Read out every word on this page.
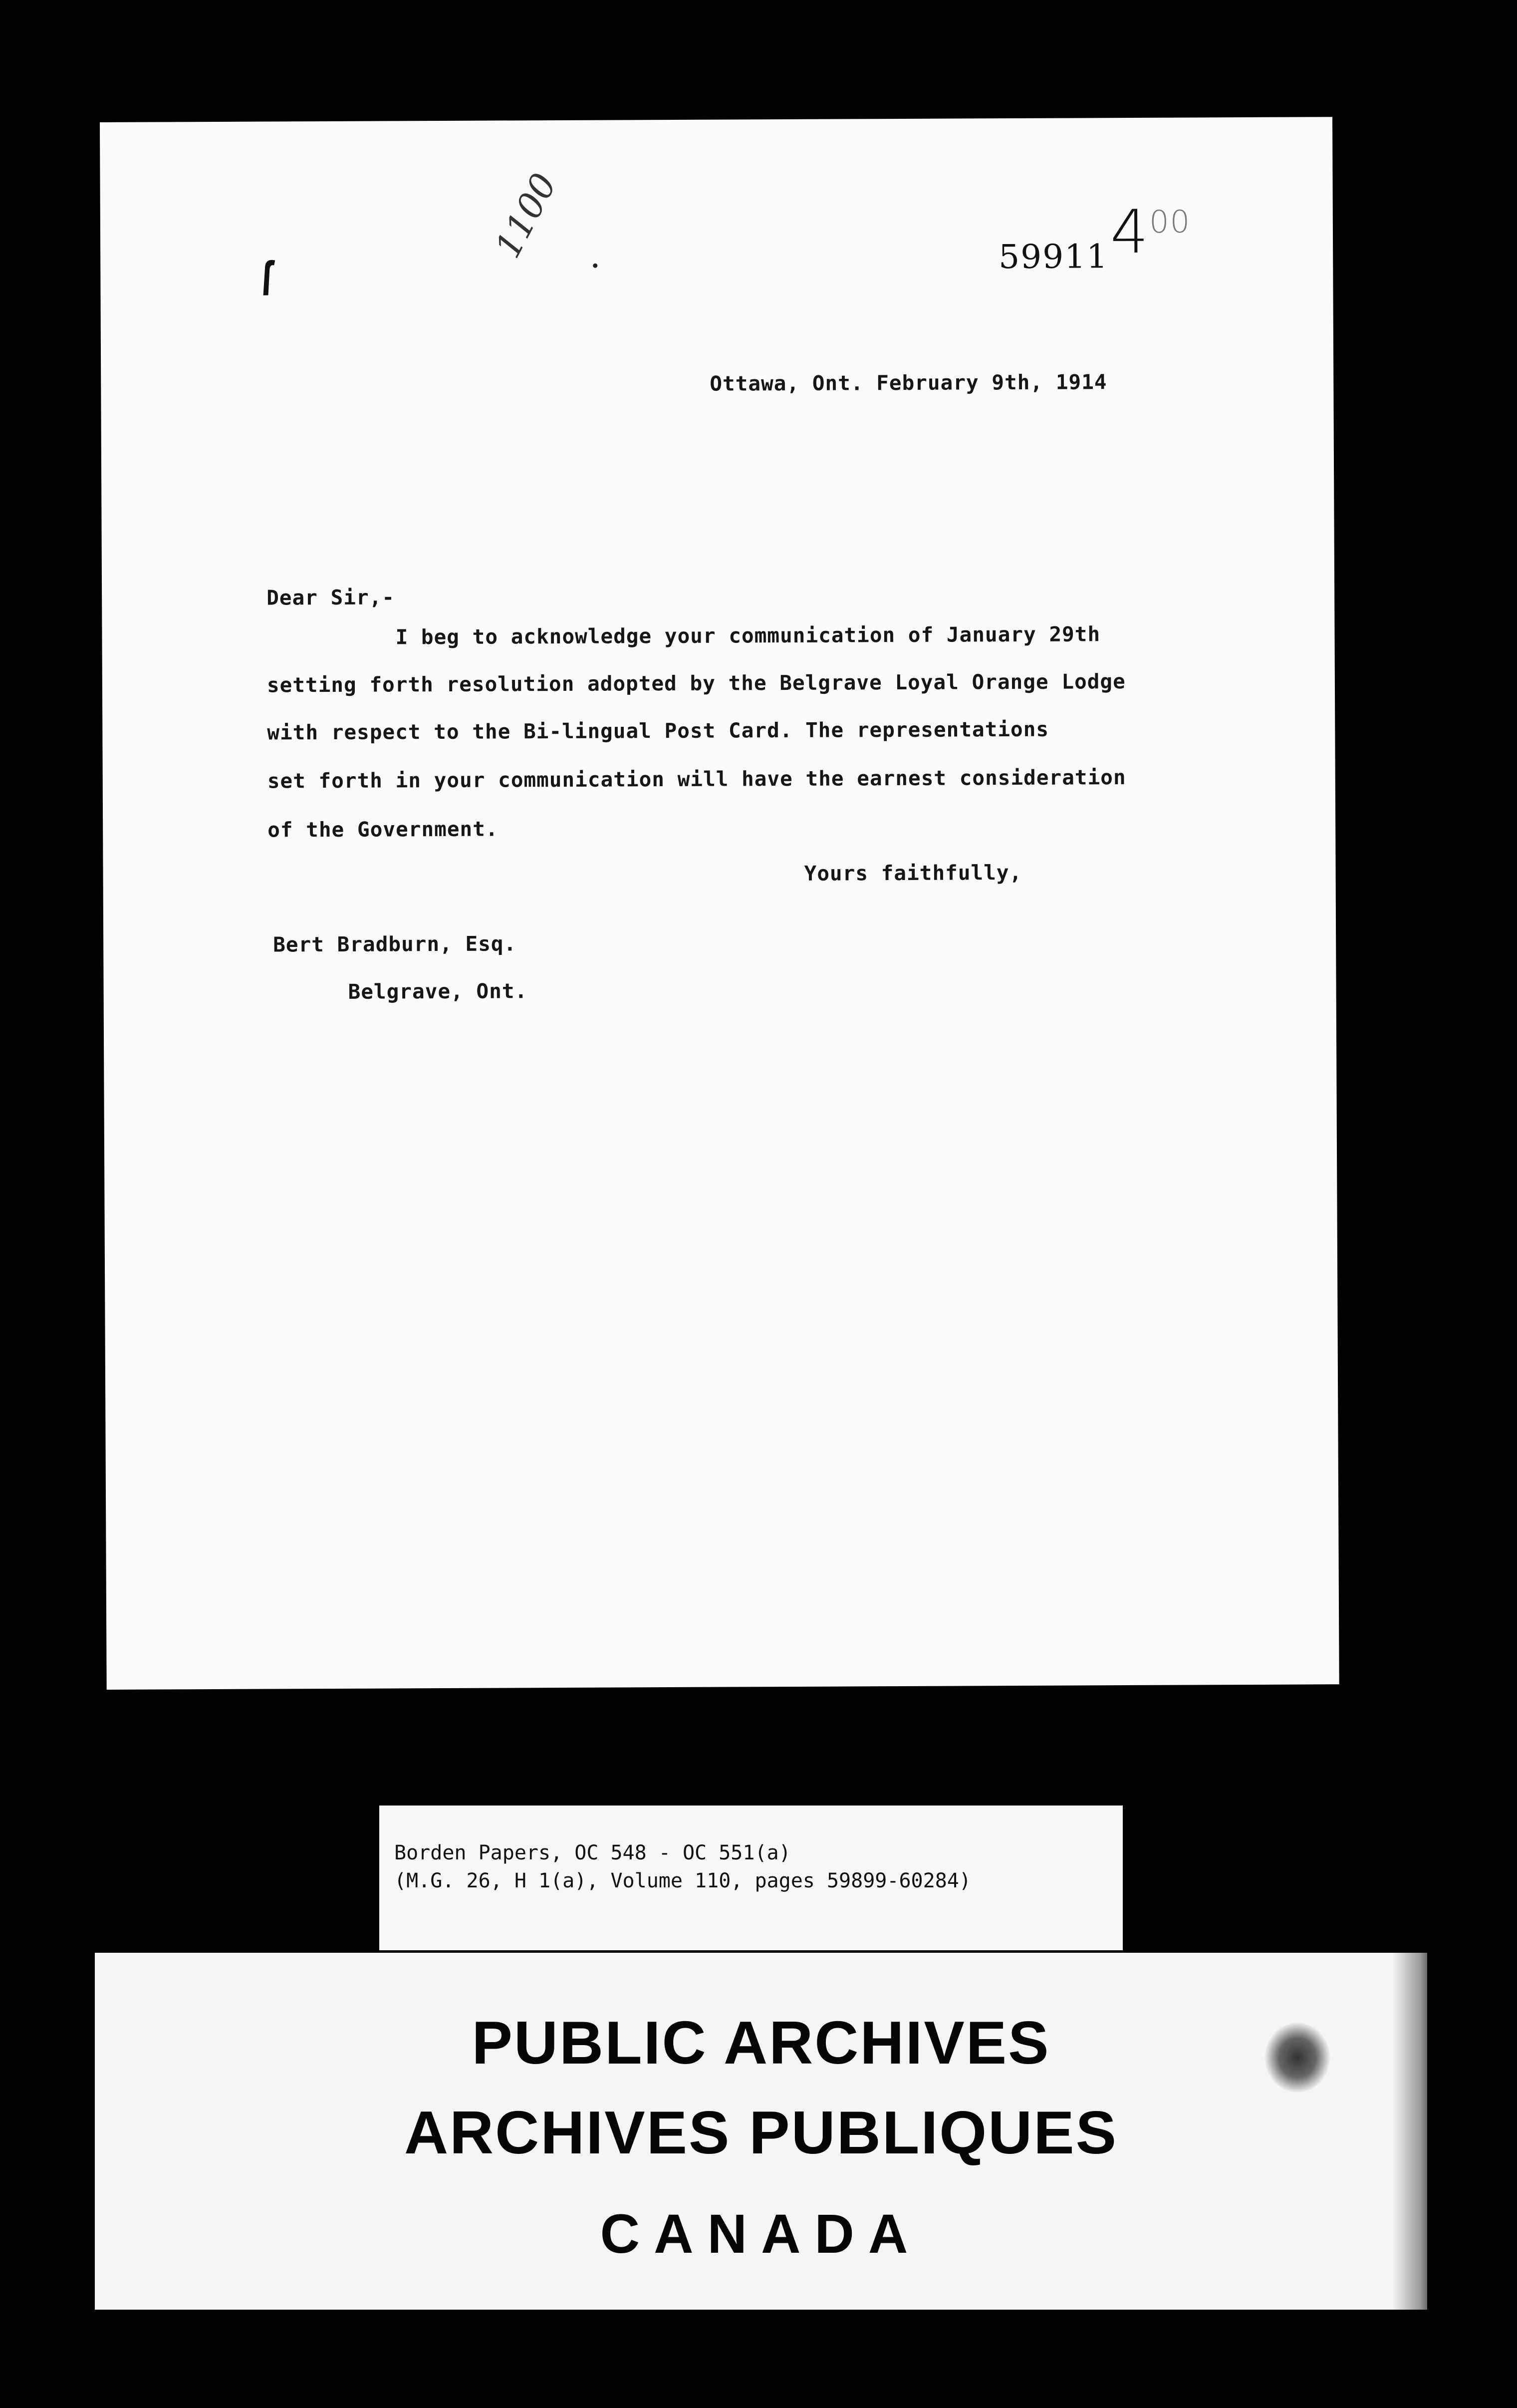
1100	59911400
Ottawa, Ont. February 9th, 1914
Dear Sir,-
I beg to acknowledge your communication of January 29th
setting forth resolution adopted by the Belgrave Loyal Orange Lodge
with respect to the Bi-lingual Post Card. The representations
set forth in your communication will have the earnest consideration
of the Government.
Yours faithfully,
Bert Bradburn, Esq.
Belgrave, Ont.
Borden Papers, OC 548 - OC 551(a)
(M.G. 26, H 1(a), Volume 110, pages 59899-60284)
PUBLIC ARCHIVES
ARCHIVES PUBLIQUES
CANADA
